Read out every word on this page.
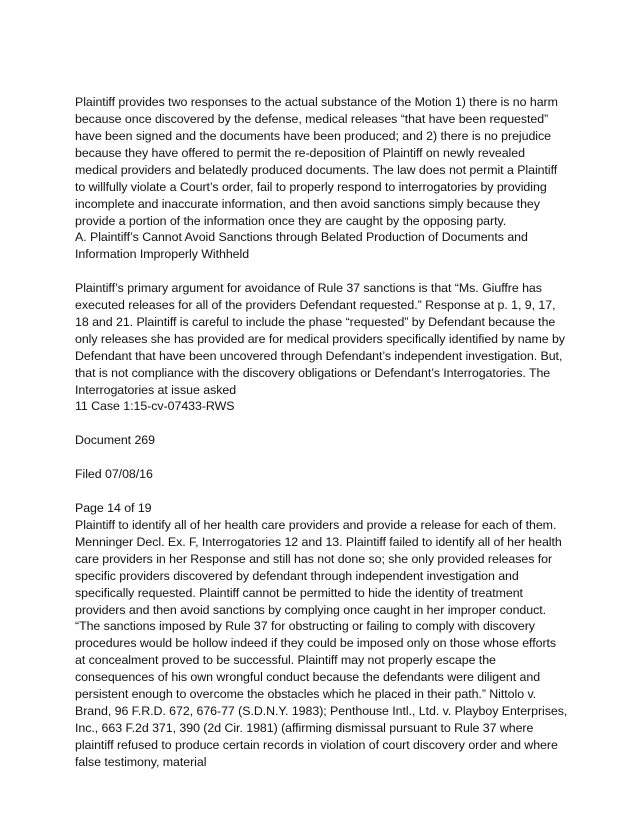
Plaintiff provides two responses to the actual substance of the Motion 1) there is no harm because once discovered by the defense, medical releases “that have been requested” have been signed and the documents have been produced; and 2) there is no prejudice because they have offered to permit the re-deposition of Plaintiff on newly revealed medical providers and belatedly produced documents. The law does not permit a Plaintiff to willfully violate a Court’s order, fail to properly respond to interrogatories by providing incomplete and inaccurate information, and then avoid sanctions simply because they provide a portion of the information once they are caught by the opposing party.

A. Plaintiff’s Cannot Avoid Sanctions through Belated Production of Documents and Information Improperly Withheld

Plaintiff’s primary argument for avoidance of Rule 37 sanctions is that “Ms. Giuffre has executed releases for all of the providers Defendant requested.” Response at p. 1, 9, 17, 18 and 21. Plaintiff is careful to include the phase “requested” by Defendant because the only releases she has provided are for medical providers specifically identified by name by Defendant that have been uncovered through Defendant’s independent investigation. But, that is not compliance with the discovery obligations or Defendant’s Interrogatories. The Interrogatories at issue asked

11 Case 1:15-cv-07433-RWS

Document 269

Filed 07/08/16

Page 14 of 19

Plaintiff to identify all of her health care providers and provide a release for each of them. Menninger Decl. Ex. F, Interrogatories 12 and 13. Plaintiff failed to identify all of her health care providers in her Response and still has not done so; she only provided releases for specific providers discovered by defendant through independent investigation and specifically requested. Plaintiff cannot be permitted to hide the identity of treatment providers and then avoid sanctions by complying once caught in her improper conduct.

“The sanctions imposed by Rule 37 for obstructing or failing to comply with discovery procedures would be hollow indeed if they could be imposed only on those whose efforts at concealment proved to be successful. Plaintiff may not properly escape the consequences of his own wrongful conduct because the defendants were diligent and persistent enough to overcome the obstacles which he placed in their path.” Nittolo v. Brand, 96 F.R.D. 672, 676-77 (S.D.N.Y. 1983); Penthouse Intl., Ltd. v. Playboy Enterprises, Inc., 663 F.2d 371, 390 (2d Cir. 1981) (affirming dismissal pursuant to Rule 37 where plaintiff refused to produce certain records in violation of court discovery order and where false testimony, material
